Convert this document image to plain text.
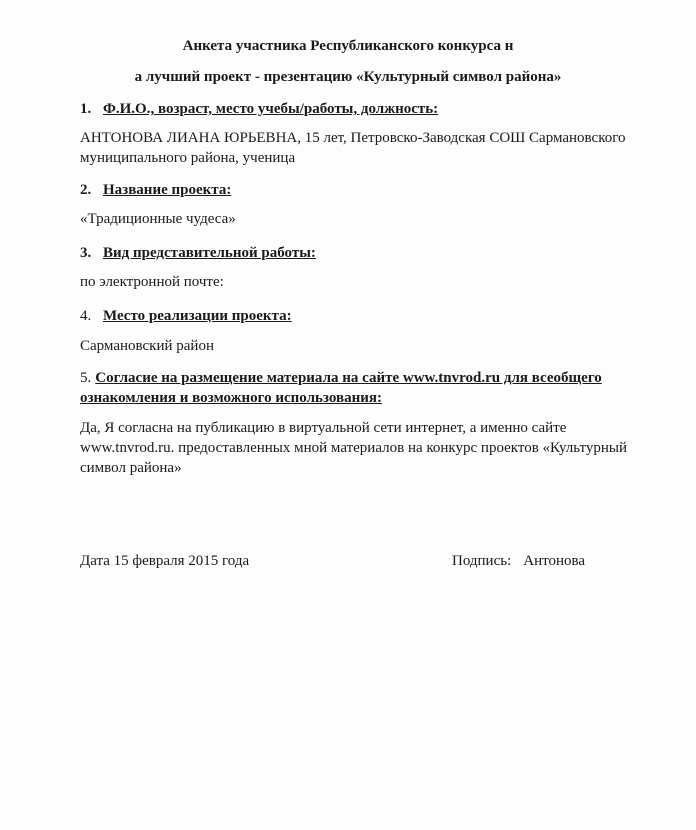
Анкета участника Республиканского конкурса н
а лучший проект - презентацию «Культурный символ района»
1. Ф.И.О., возраст, место учебы/работы, должность:
АНТОНОВА ЛИАНА ЮРЬЕВНА, 15 лет, Петровско-Заводская СОШ Сармановского муниципального района, ученица
2. Название проекта:
«Традиционные чудеса»
3. Вид представительной работы:
по электронной почте:
4. Место реализации проекта:
Сармановский район
5. Согласие на размещение материала на сайте www.tnvrod.ru для всеобщего ознакомления и возможного использования:
Да, Я согласна на публикацию в виртуальной сети интернет, а именно сайте www.tnvrod.ru. предоставленных мной материалов на конкурс проектов «Культурный символ района»
Дата 15 февраля 2015 года	Подпись: Антонова
